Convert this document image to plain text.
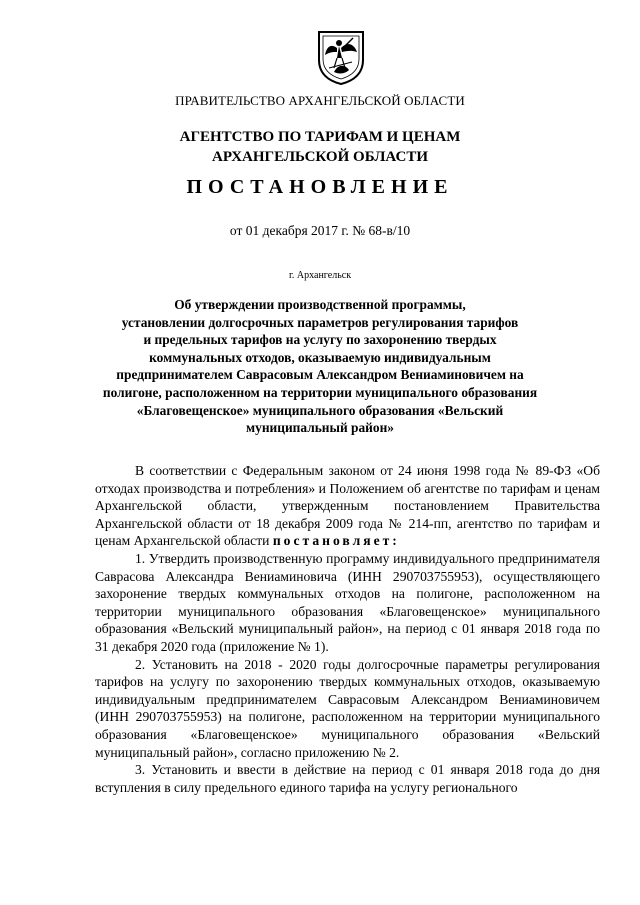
ПРАВИТЕЛЬСТВО АРХАНГЕЛЬСКОЙ ОБЛАСТИ
АГЕНТСТВО ПО ТАРИФАМ И ЦЕНАМ
АРХАНГЕЛЬСКОЙ ОБЛАСТИ
ПОСТАНОВЛЕНИЕ
от 01 декабря 2017 г. № 68-в/10
г. Архангельск
Об утверждении производственной программы,
установлении долгосрочных параметров регулирования тарифов
и предельных тарифов на услугу по захоронению твердых
коммунальных отходов, оказываемую индивидуальным
предпринимателем Саврасовым Александром Вениаминовичем на
полигоне, расположенном на территории муниципального образования
«Благовещенское» муниципального образования «Вельский
муниципальный район»

В соответствии с Федеральным законом от 24 июня 1998 года № 89-ФЗ «Об отходах производства и потребления» и Положением об агентстве по тарифам и ценам Архангельской области, утвержденным постановлением Правительства Архангельской области от 18 декабря 2009 года № 214-пп, агентство по тарифам и ценам Архангельской области постановляет:

1. Утвердить производственную программу индивидуального предпринимателя Саврасова Александра Вениаминовича (ИНН 290703755953), осуществляющего захоронение твердых коммунальных отходов на полигоне, расположенном на территории муниципального образования «Благовещенское» муниципального образования «Вельский муниципальный район», на период с 01 января 2018 года по 31 декабря 2020 года (приложение № 1).

2. Установить на 2018 - 2020 годы долгосрочные параметры регулирования тарифов на услугу по захоронению твердых коммунальных отходов, оказываемую индивидуальным предпринимателем Саврасовым Александром Вениаминовичем (ИНН 290703755953) на полигоне, расположенном на территории муниципального образования «Благовещенское» муниципального образования «Вельский муниципальный район», согласно приложению № 2.

3. Установить и ввести в действие на период с 01 января 2018 года до дня вступления в силу предельного единого тарифа на услугу регионального
